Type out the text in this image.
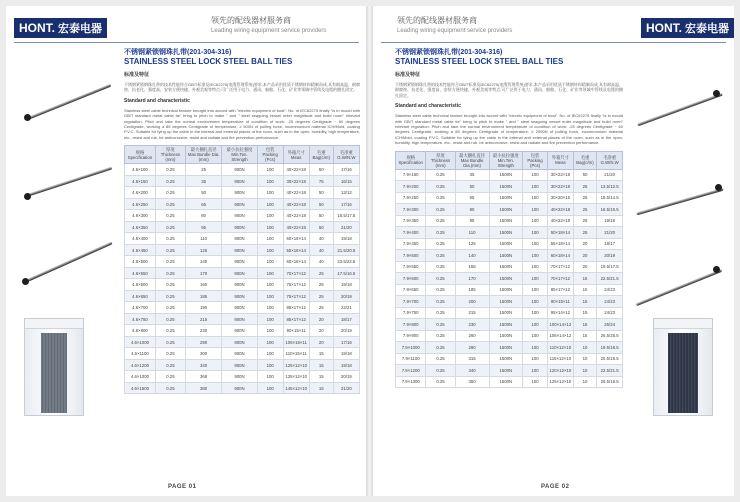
HONT. 宏泰电器
领先的配线器材服务商
Leading wiring equipment service providers
不锈钢紧锁钢珠扎带(201-304-316)
STAINLESS STEEL LOCK STEEL BALL TIES
标准及特征
不锈钢紧锁钢珠扎带的技术性能符合GB/T标准及IEC62275(电缆管理系统)要求,本产品采用优质不锈钢材料精制而成,具有耐高温、耐腐蚀、抗老化、强度高、安装方便快捷、外观美观等特点,可广泛用于电力、通讯、船舶、石化、矿业等领域中管线及电缆的捆扎固定。
Standard and characteristic
Stainless steel cable technical feature brought into accord with "electric equipment of boat". No. of IEC62275 finally "is in mould with GB/T standard metal cable tie" bring to pitch to make " and " steel seagoing vessel enter magnitude and build norm" relevant regulation. Pitch and take the normal environment temperature of condition of work: -25 degrees Centigrade ~ 60 degrees Centigrade, working a 85 degrees Centigrade of temperature, ≥ 500N of pulling force, incommonium material ICH/Mold, coating P.V.C. Suitable for tying up the cable in the internal and external places of the room, such as in the open, humidity, high temperature, etc., resist and rub, be anticorrosive, resist and radiate and fire prevention performance.
规格 Specification	厚度 Thickness (mm)	最大捆扎直径 Max Bundle Dia.(mm)	最小抗拉强度 Min.Ten. Strength	包装 Packing (Pcs)	外箱尺寸 Meas	毛重 Bag(c/m)	毛净重 G.W/N.W
4.6×100	0.25	25	900N	100	40×22×18	50	17/16
4.6×150	0.25	35	900N	100	30×22×18	75	16/15
4.6×200	0.25	50	900N	100	40×22×18	50	13/12
4.6×250	0.25	65	900N	100	40×22×18	50	17/16
4.6×300	0.25	80	900N	100	40×22×18	50	18.5/17.5
4.6×350	0.25	95	900N	100	40×22×18	50	21/20
4.6×400	0.25	110	900N	100	60×18×14	40	19/18
4.6×450	0.25	125	900N	100	55×18×14	40	21.5/20.5
4.6×500	0.25	140	900N	100	60×18×14	40	23.5/22.5
4.6×550	0.25	170	900N	100	70×17×12	25	17.5/16.5
4.6×600	0.25	160	900N	100	75×17×12	25	19/18
4.6×650	0.25	185	900N	100	75×17×12	25	20/19
4.6×700	0.25	190	900N	100	85×17×12	25	22/21
4.6×750	0.25	215	900N	100	85×17×12	20	18/17
4.6×800	0.25	230	900N	100	90×15×11	20	20/19
4.6×1000	0.25	290	900N	100	106×15×11	20	17/16
4.6×1100	0.25	300	900N	100	110×15×11	15	19/18
4.6×1200	0.25	340	900N	100	125×12×10	15	19/18
4.6×1300	0.25	368	900N	100	135×12×10	15	20/19
4.6×1500	0.25	380	900N	100	145×12×10	15	21/20
PAGE 01
领先的配线器材服务商
Leading wiring equipment service providers	HONT. 宏泰电器
不锈钢紧锁钢珠扎带(201-304-316)
STAINLESS STEEL LOCK STEEL BALL TIES
标准及特征
不锈钢紧锁钢珠扎带的技术性能符合GB/T标准及IEC62275(电缆管理系统)要求,本产品采用优质不锈钢材料精制而成,具有耐高温、耐腐蚀、抗老化、强度高、安装方便快捷、外观美观等特点,可广泛用于电力、通讯、船舶、石化、矿业等领域中管线及电缆的捆扎固定。
Standard and characteristic
Stainless steel cable technical feature brought into accord with "electric equipment of boat". No. of IEC62275 finally "is in mould with GB/T standard metal cable tie" bring to pitch to make " and " steel seagoing vessel enter magnitude and build norm" relevant regulation. Pitch and take the normal environment temperature of condition of work: -25 degrees Centigrade ~ 60 degrees Centigrade, working a 85 degrees Centigrade of temperature, ≥ 2000N of pulling force, incommonium material ICH/Mold, coating P.V.C. Suitable for tying up the cable in the internal and external places of the room, such as in the open, humidity, high temperature, etc., resist and rub, be anticorrosive, resist and radiate and fire prevention performance.
规格 Specification	厚度 Thickness (mm)	最大捆扎直径 Max Bundle Dia.(mm)	最小抗拉强度 Min.Ten. Strength	包装 Packing (Pcs)	外箱尺寸 Meas	毛重 Bag(c/m)	毛净重 G.W/N.W
7.9×150	0.25	35	1500N	100	30×22×18	50	21/20
7.9×200	0.25	50	1500N	100	30×22×18	25	13.5/12.5
7.9×250	0.25	65	1500N	100	30×20×15	25	15.5/14.5
7.9×300	0.25	80	1500N	100	40×22×18	25	16.5/15.5
7.9×350	0.25	95	1500N	100	40×22×18	25	19/18
7.9×400	0.25	110	1500N	100	50×18×14	25	21/20
7.9×450	0.25	125	1500N	100	55×18×14	20	18/17
7.9×500	0.25	140	1500N	100	60×18×14	20	20/19
7.9×550	0.25	155	1500N	100	70×17×12	20	18.5/17.5
7.9×600	0.25	170	1500N	100	70×17×12	15	22.5/21.5
7.9×650	0.25	185	1500N	100	85×17×12	15	24/23
7.9×700	0.25	200	1500N	100	90×15×11	15	24/23
7.9×750	0.25	215	1500N	100	95×14×12	15	24/23
7.9×800	0.25	230	1500N	100	100×14×12	15	25/24
7.9×900	0.25	260	1500N	100	106×14×12	15	26.5/25.5
7.9×1000	0.25	290	1500N	100	110×12×10	10	19.5/18.5
7.9×1100	0.25	315	1500N	100	115×12×10	10	20.5/19.5
7.9×1200	0.25	340	1500N	100	120×12×10	10	22.5/21.5
7.9×1300	0.25	350	1500N	100	125×12×10	10	28.5/19.5
PAGE 02
